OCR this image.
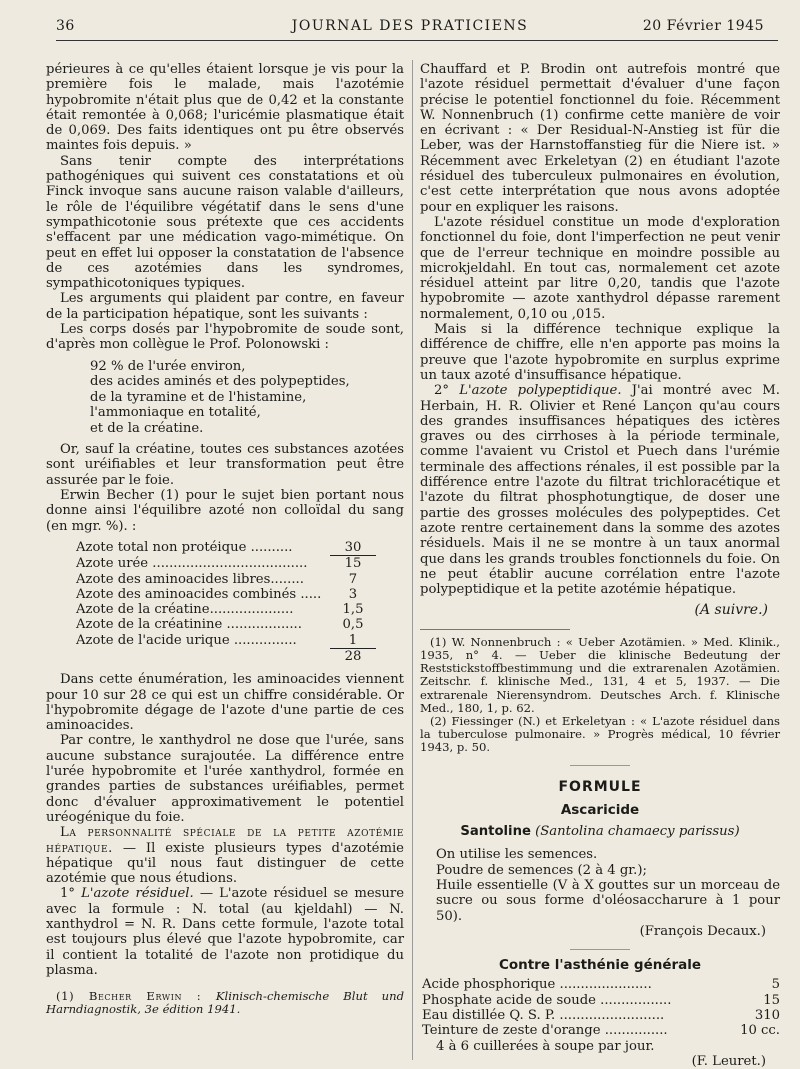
36	JOURNAL DES PRATICIENS	20 Février 1945

périeures à ce qu'elles étaient lorsque je vis pour la première fois le malade, mais l'azotémie hypobromite n'était plus que de 0,42 et la constante était remontée à 0,068; l'uricémie plasmatique était de 0,069. Des faits identiques ont pu être observés maintes fois depuis. »

Sans tenir compte des interprétations pathogéniques qui suivent ces constatations et où Finck invoque sans aucune raison valable d'ailleurs, le rôle de l'équilibre végétatif dans le sens d'une sympathicotonie sous prétexte que ces accidents s'effacent par une médication vago-mimétique. On peut en effet lui opposer la constatation de l'absence de ces azotémies dans les syndromes, sympathicotoniques typiques.

Les arguments qui plaident par contre, en faveur de la participation hépatique, sont les suivants :

Les corps dosés par l'hypobromite de soude sont, d'après mon collègue le Prof. Polonowski :

92 % de l'urée environ,
des acides aminés et des polypeptides,
de la tyramine et de l'histamine,
l'ammoniaque en totalité,
et de la créatine.

Or, sauf la créatine, toutes ces substances azotées sont uréifiables et leur transformation peut être assurée par le foie.

Erwin Becher (1) pour le sujet bien portant nous donne ainsi l'équilibre azoté non colloïdal du sang (en mgr. %). :

Azote total non protéique ..........	30
Azote urée .....................................	15
Azote des aminoacides libres........	7
Azote des aminoacides combinés .....	3
Azote de la créatine....................	1,5
Azote de la créatinine ..................	0,5
Azote de l'acide urique ...............	1
28

Dans cette énumération, les aminoacides viennent pour 10 sur 28 ce qui est un chiffre considérable. Or l'hypobromite dégage de l'azote d'une partie de ces aminoacides.

Par contre, le xanthydrol ne dose que l'urée, sans aucune substance surajoutée. La différence entre l'urée hypobromite et l'urée xanthydrol, formée en grandes parties de substances uréifiables, permet donc d'évaluer approximativement le potentiel uréogénique du foie.

La personnalité spéciale de la petite azotémie hépatique. — Il existe plusieurs types d'azotémie hépatique qu'il nous faut distinguer de cette azotémie que nous étudions.

1° L'azote résiduel. — L'azote résiduel se mesure avec la formule : N. total (au kjeldahl) — N. xanthydrol = N. R. Dans cette formule, l'azote total est toujours plus élevé que l'azote hypobromite, car il contient la totalité de l'azote non protidique du plasma.

(1) Becher Erwin : Klinisch-chemische Blut und Harndiagnostik, 3e édition 1941.

Chauffard et P. Brodin ont autrefois montré que l'azote résiduel permettait d'évaluer d'une façon précise le potentiel fonctionnel du foie. Récemment W. Nonnenbruch (1) confirme cette manière de voir en écrivant : « Der Residual-N-Anstieg ist für die Leber, was der Harnstoffanstieg für die Niere ist. » Récemment avec Erkeletyan (2) en étudiant l'azote résiduel des tuberculeux pulmonaires en évolution, c'est cette interprétation que nous avons adoptée pour en expliquer les raisons.

L'azote résiduel constitue un mode d'exploration fonctionnel du foie, dont l'imperfection ne peut venir que de l'erreur technique en moindre possible au microkjeldahl. En tout cas, normalement cet azote résiduel atteint par litre 0,20, tandis que l'azote hypobromite — azote xanthydrol dépasse rarement normalement, 0,10 ou ,015.

Mais si la différence technique explique la différence de chiffre, elle n'en apporte pas moins la preuve que l'azote hypobromite en surplus exprime un taux azoté d'insuffisance hépatique.

2° L'azote polypeptidique. J'ai montré avec M. Herbain, H. R. Olivier et René Lançon qu'au cours des grandes insuffisances hépatiques des ictères graves ou des cirrhoses à la période terminale, comme l'avaient vu Cristol et Puech dans l'urémie terminale des affections rénales, il est possible par la différence entre l'azote du filtrat trichloracétique et l'azote du filtrat phosphotungtique, de doser une partie des grosses molécules des polypeptides. Cet azote rentre certainement dans la somme des azotes résiduels. Mais il ne se montre à un taux anormal que dans les grands troubles fonctionnels du foie. On ne peut établir aucune corrélation entre l'azote polypeptidique et la petite azotémie hépatique.

(A suivre.)

(1) W. Nonnenbruch : « Ueber Azotämien. » Med. Klinik., 1935, n° 4. — Ueber die klinische Bedeutung der Reststickstoffbestimmung und die extrarenalen Azotämien. Zeitschr. f. klinische Med., 131, 4 et 5, 1937. — Die extrarenale Nierensyndrom. Deutsches Arch. f. Klinische Med., 180, 1, p. 62.

(2) Fiessinger (N.) et Erkeletyan : « L'azote résiduel dans la tuberculose pulmonaire. » Progrès médical, 10 février 1943, p. 50.

FORMULE
Ascaricide
Santoline (Santolina chamaecy parissus)
On utilise les semences.
Poudre de semences (2 à 4 gr.);
Huile essentielle (V à X gouttes sur un morceau de sucre ou sous forme d'oléosaccharure à 1 pour 50).
(François Decaux.)
Contre l'asthénie générale
Acide phosphorique ......................	5
Phosphate acide de soude .................	15
Eau distillée Q. S. P. .........................	310
Teinture de zeste d'orange ...............	10 cc.
4 à 6 cuillerées à soupe par jour.
(F. Leuret.)
